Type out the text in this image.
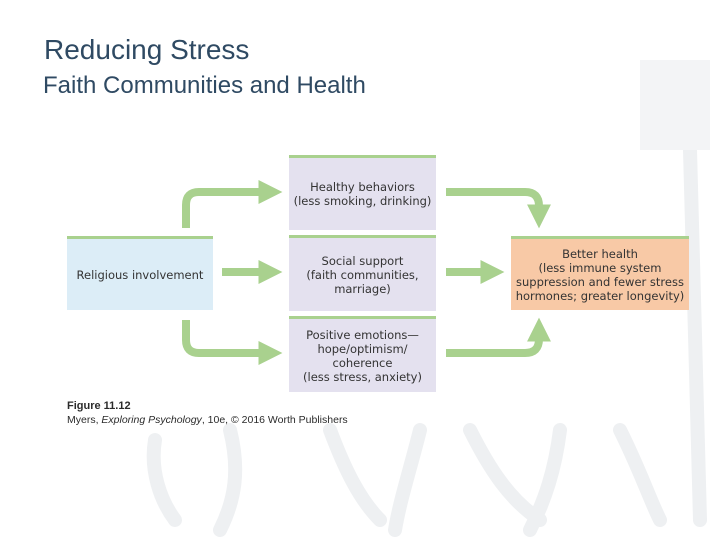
Reducing Stress
Faith Communities and Health
Religious involvement
Healthy behaviors
(less smoking, drinking)
Social support
(faith communities,
marriage)
Positive emotions—
hope/optimism/
coherence
(less stress, anxiety)
Better health
(less immune system
suppression and fewer stress
hormones; greater longevity)
Figure 11.12
Myers, Exploring Psychology, 10e, © 2016 Worth Publishers
